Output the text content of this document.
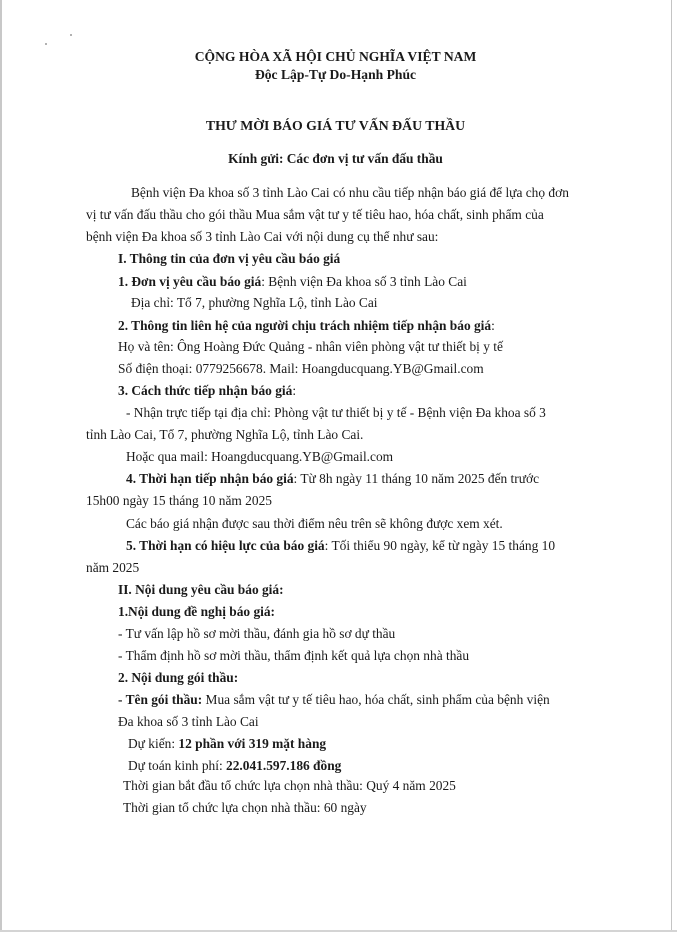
CỘNG HÒA XÃ HỘI CHỦ NGHĨA VIỆT NAM
Độc Lập-Tự Do-Hạnh Phúc
THƯ MỜI BÁO GIÁ TƯ VẤN ĐẤU THẦU
Kính gửi: Các đơn vị tư vấn đấu thầu
Bệnh viện Đa khoa số 3 tỉnh Lào Cai có nhu cầu tiếp nhận báo giá để lựa chọ đơn
vị tư vấn đấu thầu cho gói thầu Mua sắm vật tư y tế tiêu hao, hóa chất, sinh phẩm của
bệnh viện Đa khoa số 3 tỉnh Lào Cai với nội dung cụ thể như sau:
I. Thông tin của đơn vị yêu cầu báo giá
1. Đơn vị yêu cầu báo giá: Bệnh viện Đa khoa số 3 tỉnh Lào Cai
Địa chỉ: Tổ 7, phường Nghĩa Lộ, tỉnh Lào Cai
2. Thông tin liên hệ của người chịu trách nhiệm tiếp nhận báo giá:
Họ và tên: Ông Hoàng Đức Quảng - nhân viên phòng vật tư thiết bị y tế
Số điện thoại: 0779256678. Mail: Hoangducquang.YB@Gmail.com
3. Cách thức tiếp nhận báo giá:
- Nhận trực tiếp tại địa chỉ: Phòng vật tư thiết bị y tế - Bệnh viện Đa khoa số 3
tỉnh Lào Cai, Tổ 7, phường Nghĩa Lộ, tỉnh Lào Cai.
Hoặc qua mail: Hoangducquang.YB@Gmail.com
4. Thời hạn tiếp nhận báo giá: Từ 8h ngày 11 tháng 10 năm 2025 đến trước
15h00 ngày 15 tháng 10 năm 2025
Các báo giá nhận được sau thời điểm nêu trên sẽ không được xem xét.
5. Thời hạn có hiệu lực của báo giá: Tối thiểu 90 ngày, kể từ ngày 15 tháng 10
năm 2025
II. Nội dung yêu cầu báo giá:
1.Nội dung đề nghị báo giá:
- Tư vấn lập hồ sơ mời thầu, đánh gia hồ sơ dự thầu
- Thẩm định hồ sơ mời thầu, thẩm định kết quả lựa chọn nhà thầu
2. Nội dung gói thầu:
- Tên gói thầu: Mua sắm vật tư y tế tiêu hao, hóa chất, sinh phẩm của bệnh viện
Đa khoa số 3 tỉnh Lào Cai
Dự kiến: 12 phần với 319 mặt hàng
Dự toán kinh phí: 22.041.597.186 đồng
Thời gian bắt đầu tổ chức lựa chọn nhà thầu: Quý 4 năm 2025
Thời gian tổ chức lựa chọn nhà thầu: 60 ngày
